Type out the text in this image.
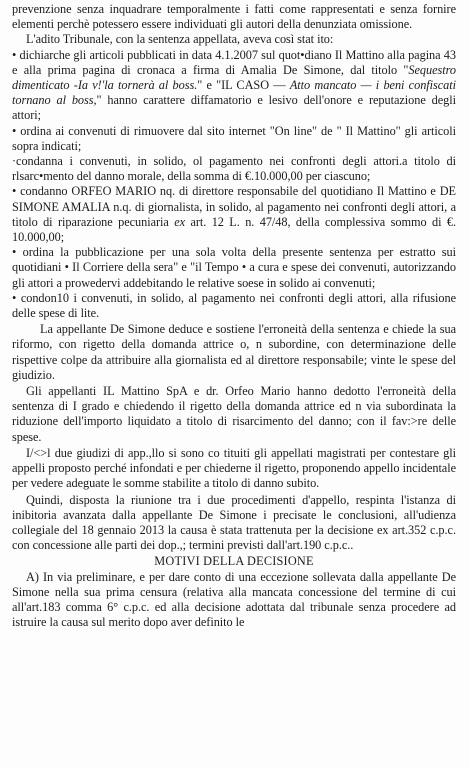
prevenzione senza inquadrare temporalmente i fatti come rappresentati e senza fornire elementi perchè potessero essere individuati gli autori della denunziata omissione.

L'adito Tribunale, con la sentenza appellata, aveva così stat ito:

• dichiarche gli articoli pubblicati in data 4.1.2007 sul quot•diano Il Mattino alla pagina 43 e alla prima pagina di cronaca a firma di Amalia De Simone, dal titolo "Sequestro dimenticato -Ia v!'la tornerà al boss." e "IL CASO — Atto mancato — i beni confiscati tornano al boss," hanno carattere diffamatorio e lesivo dell'onore e reputazione degli attori;

• ordina ai convenuti di rimuovere dal sito internet "On line" de " Il Mattino" gli articoli sopra indicati;

·condanna i convenuti, in solido, ol pagamento nei confronti degli attori.a titolo di rlsarc•mento del danno morale, della somma di €.10.000,00 per ciascuno;

• condanno ORFEO MARIO nq. di direttore responsabile del quotidiano Il Mattino e DE SIMONE AMALIA n.q. di giornalista, in solido, al pagamento nei confronti degli attori, a titolo di riparazione pecuniaria ex art. 12 L. n. 47/48, della complessiva sommo di €. 10.000,00;

• ordina la pubblicazione per una sola volta della presente sentenza per estratto sui quotidiani • Il Corriere della sera" e "il Tempo • a cura e spese dei convenuti, autorizzando gli attori a prowedervi addebitando le relative soese in solido ai convenuti;

• condon10 i convenuti, in solido, al pagamento nei confronti degli attori, alla rifusione delle spese di lite.

La appellante De Simone deduce e sostiene l'erroneità della sentenza e chiede la sua riformo, con rigetto della domanda attrice o, n subordine, con determinazione delle rispettive colpe da attribuire alla giornalista ed al direttore responsabile; vinte le spese del giudizio.

Gli appellanti IL Mattino SpA e dr. Orfeo Mario hanno dedotto l'erroneità della sentenza di I grado e chiedendo il rigetto della domanda attrice ed n via subordinata la riduzione dell'importo liquidato a titolo di risarcimento del danno; con il fav:>re delle spese.

I/<>l due giudizi di app.,llo si sono co tituiti gli appellati magistrati per contestare gli appelli proposto perché infondati e per chiederne il rigetto, proponendo appello incidentale per vedere adeguate le somme stabilite a titolo di danno subito.

Quindi, disposta la riunione tra i due procedimenti d'appello, respinta l'istanza di inibitoria avanzata dalla appellante De Simone i precisate le conclusioni, all'udienza collegiale del 18 gennaio 2013 la causa è stata trattenuta per la decisione ex art.352 c.p.c. con concessione alle parti dei dop.,; termini previsti dall'art.190 c.p.c..

MOTIVI DELLA DECISIONE

A) In via preliminare, e per dare conto di una eccezione sollevata dalla appellante De Simone nella sua prima censura (relativa alla mancata concessione del termine di cui all'art.183 comma 6° c.p.c. ed alla decisione adottata dal tribunale senza procedere ad istruire la causa sul merito dopo aver definito le
